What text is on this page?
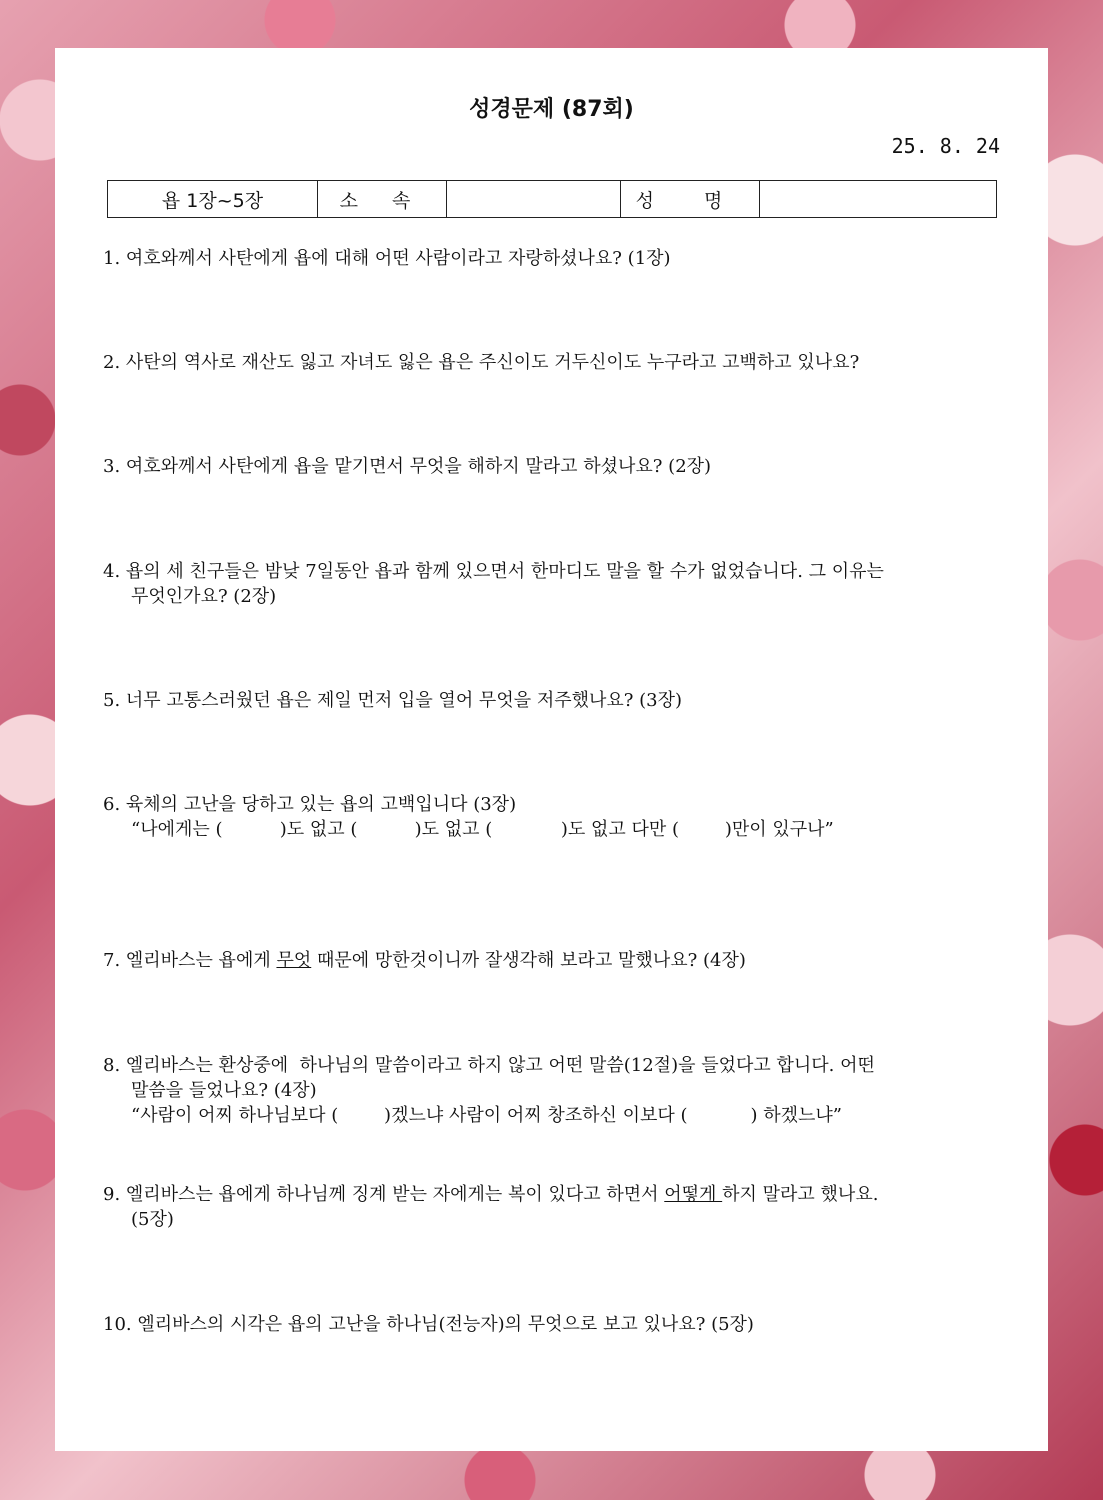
성경문제 (87회)
25. 8. 24
욥 1장~5장	소 속	성 명
1. 여호와께서 사탄에게 욥에 대해 어떤 사람이라고 자랑하셨나요? (1장)
2. 사탄의 역사로 재산도 잃고 자녀도 잃은 욥은 주신이도 거두신이도 누구라고 고백하고 있나요?
3. 여호와께서 사탄에게 욥을 맡기면서 무엇을 해하지 말라고 하셨나요? (2장)
4. 욥의 세 친구들은 밤낮 7일동안 욥과 함께 있으면서 한마디도 말을 할 수가 없었습니다. 그 이유는
무엇인가요? (2장)
5. 너무 고통스러웠던 욥은 제일 먼저 입을 열어 무엇을 저주했나요? (3장)
6. 육체의 고난을 당하고 있는 욥의 고백입니다 (3장)
“나에게는 (          )도 없고 (          )도 없고 (            )도 없고 다만 (        )만이 있구나”
7. 엘리바스는 욥에게 무엇 때문에 망한것이니까 잘생각해 보라고 말했나요? (4장)
8. 엘리바스는 환상중에  하나님의 말씀이라고 하지 않고 어떤 말씀(12절)을 들었다고 합니다. 어떤
말씀을 들었나요? (4장)
“사람이 어찌 하나님보다 (        )겠느냐 사람이 어찌 창조하신 이보다 (           ) 하겠느냐”
9. 엘리바스는 욥에게 하나님께 징계 받는 자에게는 복이 있다고 하면서 어떻게 하지 말라고 했나요.
(5장)
10. 엘리바스의 시각은 욥의 고난을 하나님(전능자)의 무엇으로 보고 있나요? (5장)
